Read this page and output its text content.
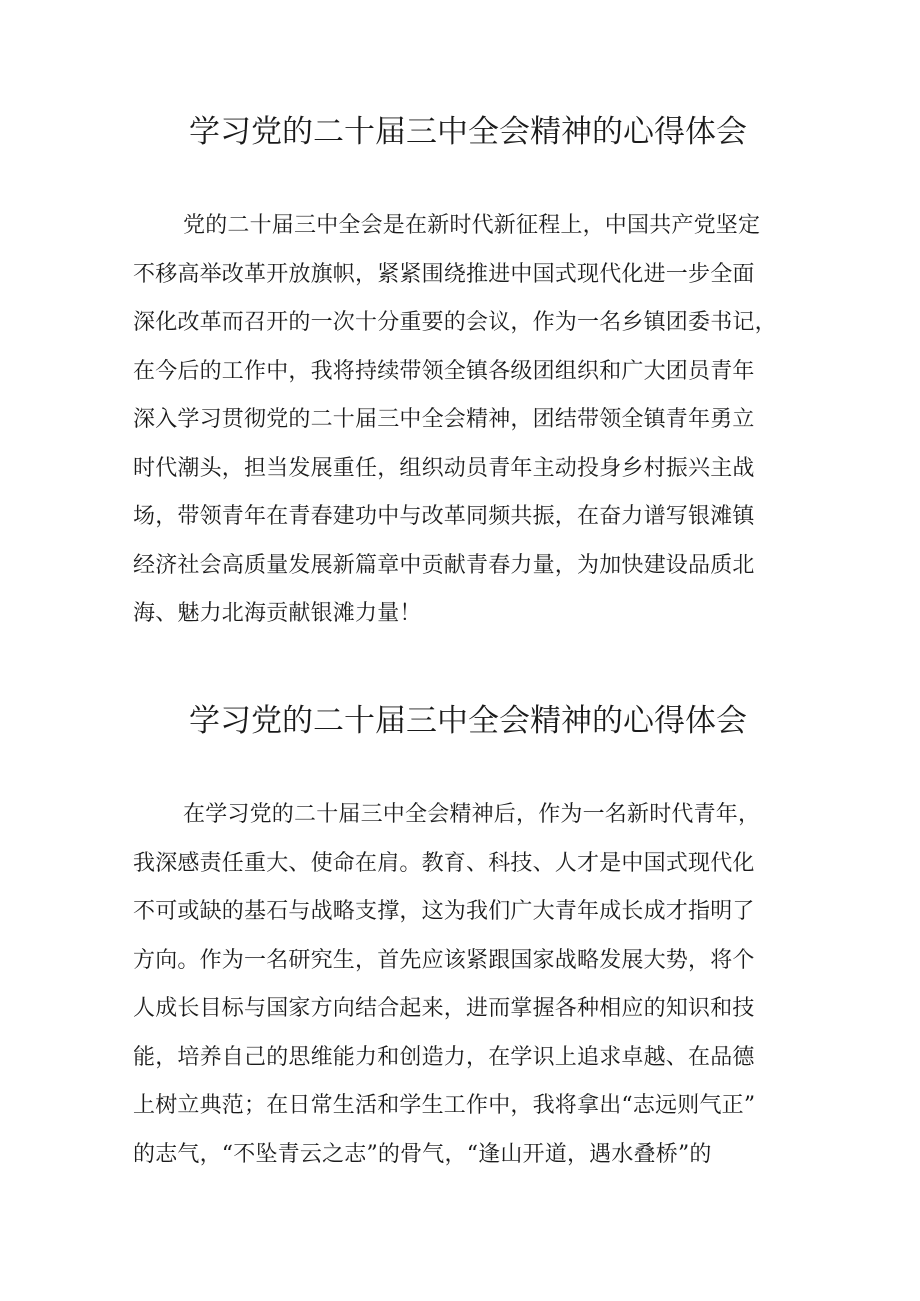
学习党的二十届三中全会精神的心得体会
党的二十届三中全会是在新时代新征程上，中国共产党坚定
不移高举改革开放旗帜，紧紧围绕推进中国式现代化进一步全面
深化改革而召开的一次十分重要的会议，作为一名乡镇团委书记，
在今后的工作中，我将持续带领全镇各级团组织和广大团员青年
深入学习贯彻党的二十届三中全会精神，团结带领全镇青年勇立
时代潮头，担当发展重任，组织动员青年主动投身乡村振兴主战
场，带领青年在青春建功中与改革同频共振，在奋力谱写银滩镇
经济社会高质量发展新篇章中贡献青春力量，为加快建设品质北
海、魅力北海贡献银滩力量！
学习党的二十届三中全会精神的心得体会
在学习党的二十届三中全会精神后，作为一名新时代青年，
我深感责任重大、使命在肩。教育、科技、人才是中国式现代化
不可或缺的基石与战略支撑，这为我们广大青年成长成才指明了
方向。作为一名研究生，首先应该紧跟国家战略发展大势，将个
人成长目标与国家方向结合起来，进而掌握各种相应的知识和技
能，培养自己的思维能力和创造力，在学识上追求卓越、在品德
上树立典范；在日常生活和学生工作中，我将拿出“志远则气正”
的志气，“不坠青云之志”的骨气，“逢山开道，遇水叠桥”的
